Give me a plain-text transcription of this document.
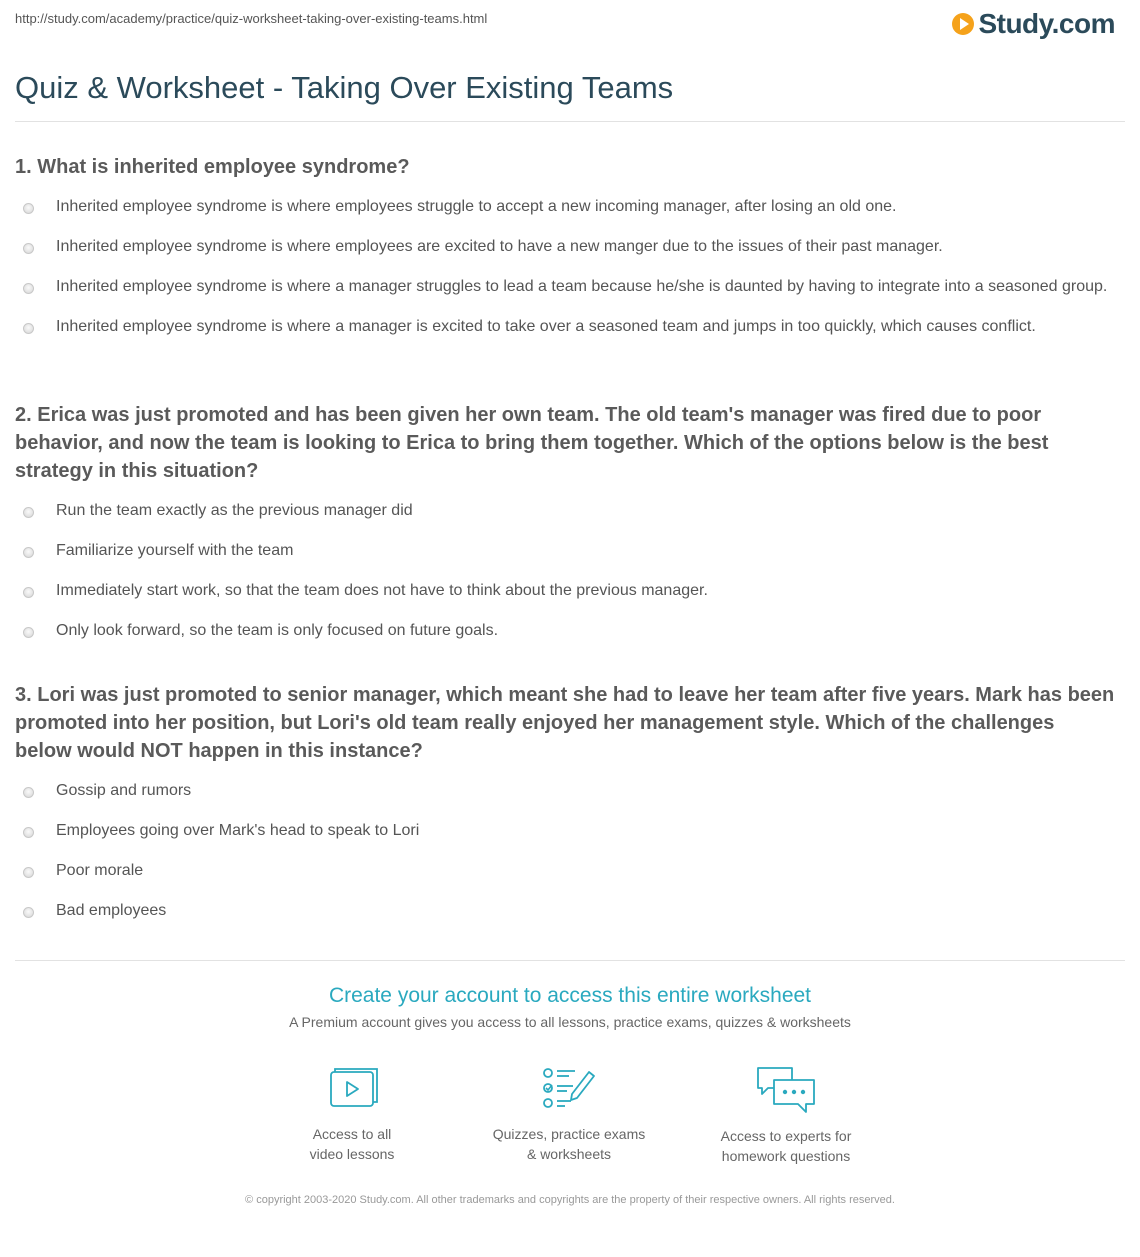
http://study.com/academy/practice/quiz-worksheet-taking-over-existing-teams.html	Study.com
Quiz & Worksheet - Taking Over Existing Teams

1. What is inherited employee syndrome?

Inherited employee syndrome is where employees struggle to accept a new incoming manager, after losing an old one.
Inherited employee syndrome is where employees are excited to have a new manger due to the issues of their past manager.
Inherited employee syndrome is where a manager struggles to lead a team because he/she is daunted by having to integrate into a seasoned group.
Inherited employee syndrome is where a manager is excited to take over a seasoned team and jumps in too quickly, which causes conflict.

2. Erica was just promoted and has been given her own team. The old team's manager was fired due to poor behavior, and now the team is looking to Erica to bring them together. Which of the options below is the best strategy in this situation?

Run the team exactly as the previous manager did
Familiarize yourself with the team
Immediately start work, so that the team does not have to think about the previous manager.
Only look forward, so the team is only focused on future goals.

3. Lori was just promoted to senior manager, which meant she had to leave her team after five years. Mark has been promoted into her position, but Lori's old team really enjoyed her management style. Which of the challenges below would NOT happen in this instance?

Gossip and rumors
Employees going over Mark's head to speak to Lori
Poor morale
Bad employees
Create your account to access this entire worksheet
A Premium account gives you access to all lessons, practice exams, quizzes & worksheets
Access to all
video lessons
Quizzes, practice exams
& worksheets
Access to experts for
homework questions
© copyright 2003-2020 Study.com. All other trademarks and copyrights are the property of their respective owners. All rights reserved.
